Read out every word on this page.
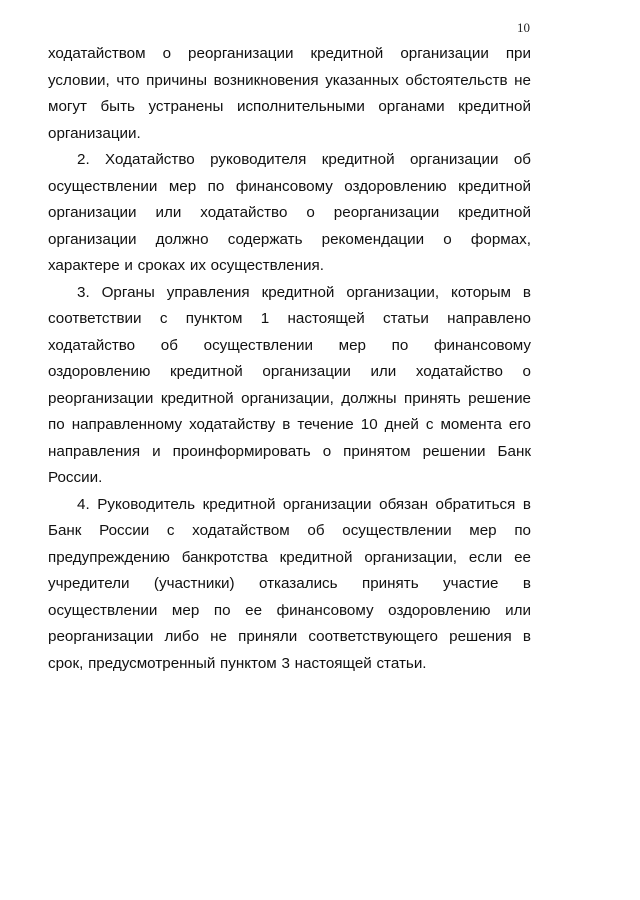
10

ходатайством о реорганизации кредитной организации при условии, что причины возникновения указанных обстоятельств не могут быть устранены исполнительными органами кредитной организации.

2. Ходатайство руководителя кредитной организации об осуществлении мер по финансовому оздоровлению кредитной организации или ходатайство о реорганизации кредитной организации должно содержать рекомендации о формах, характере и сроках их осуществления.

3. Органы управления кредитной организации, которым в соответствии с пунктом 1 настоящей статьи направлено ходатайство об осуществлении мер по финансовому оздоровлению кредитной организации или ходатайство о реорганизации кредитной организации, должны принять решение по направленному ходатайству в течение 10 дней с момента его направления и проинформировать о принятом решении Банк России.

4. Руководитель кредитной организации обязан обратиться в Банк России с ходатайством об осуществлении мер по предупреждению банкротства кредитной организации, если ее учредители (участники) отказались принять участие в осуществлении мер по ее финансовому оздоровлению или реорганизации либо не приняли соответствующего решения в срок, предусмотренный пунктом 3 настоящей статьи.
